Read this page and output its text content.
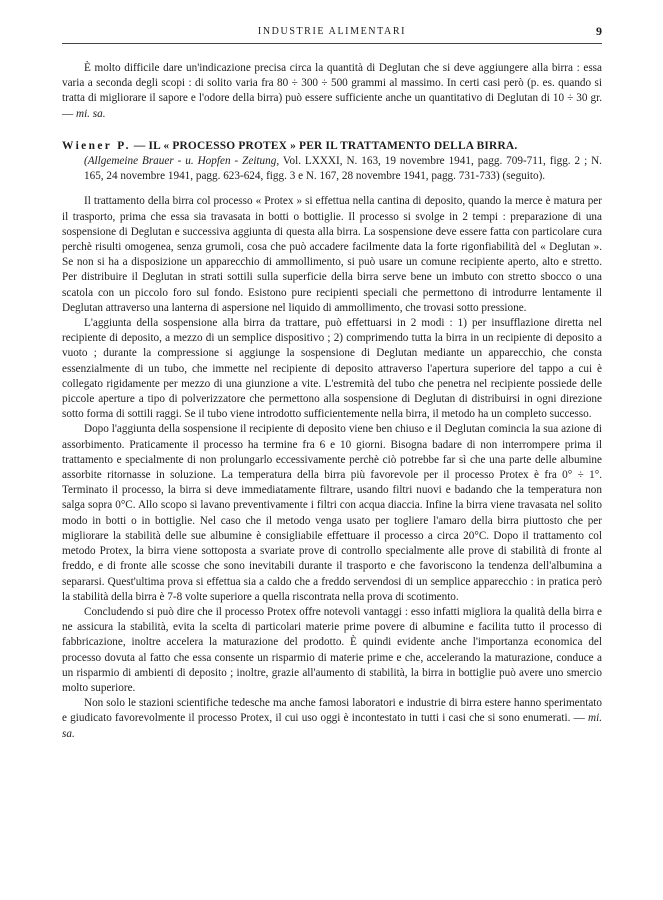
INDUSTRIE ALIMENTARI	9

È molto difficile dare un'indicazione precisa circa la quantità di Deglutan che si deve aggiungere alla birra : essa varia a seconda degli scopi : di solito varia fra 80 ÷ 300 ÷ 500 grammi al massimo. In certi casi però (p. es. quando si tratta di migliorare il sapore e l'odore della birra) può essere sufficiente anche un quantitativo di Deglutan di 10 ÷ 30 gr. — mi. sa.

Wiener P. — IL « PROCESSO PROTEX » PER IL TRATTAMENTO DELLA BIRRA.

(Allgemeine Brauer - u. Hopfen - Zeitung, Vol. LXXXI, N. 163, 19 novembre 1941, pagg. 709-711, figg. 2 ; N. 165, 24 novembre 1941, pagg. 623-624, figg. 3 e N. 167, 28 novembre 1941, pagg. 731-733) (seguito).

Il trattamento della birra col processo « Protex » si effettua nella cantina di deposito, quando la merce è matura per il trasporto, prima che essa sia travasata in botti o bottiglie. Il processo si svolge in 2 tempi : preparazione di una sospensione di Deglutan e successiva aggiunta di questa alla birra. La sospensione deve essere fatta con particolare cura perchè risulti omogenea, senza grumoli, cosa che può accadere facilmente data la forte rigonfiabilità del « Deglutan ». Se non si ha a disposizione un apparecchio di ammollimento, si può usare un comune recipiente aperto, alto e stretto. Per distribuire il Deglutan in strati sottili sulla superficie della birra serve bene un imbuto con stretto sbocco o una scatola con un piccolo foro sul fondo. Esistono pure recipienti speciali che permettono di introdurre lentamente il Deglutan attraverso una lanterna di aspersione nel liquido di ammollimento, che trovasi sotto pressione.

L'aggiunta della sospensione alla birra da trattare, può effettuarsi in 2 modi : 1) per insufflazione diretta nel recipiente di deposito, a mezzo di un semplice dispositivo ; 2) comprimendo tutta la birra in un recipiente di deposito a vuoto ; durante la compressione si aggiunge la sospensione di Deglutan mediante un apparecchio, che consta essenzialmente di un tubo, che immette nel recipiente di deposito attraverso l'apertura superiore del tappo a cui è collegato rigidamente per mezzo di una giunzione a vite. L'estremità del tubo che penetra nel recipiente possiede delle piccole aperture a tipo di polverizzatore che permettono alla sospensione di Deglutan di distribuirsi in ogni direzione sotto forma di sottili raggi. Se il tubo viene introdotto sufficientemente nella birra, il metodo ha un completo successo.

Dopo l'aggiunta della sospensione il recipiente di deposito viene ben chiuso e il Deglutan comincia la sua azione di assorbimento. Praticamente il processo ha termine fra 6 e 10 giorni. Bisogna badare di non interrompere prima il trattamento e specialmente di non prolungarlo eccessivamente perchè ciò potrebbe far sì che una parte delle albumine assorbite ritornasse in soluzione. La temperatura della birra più favorevole per il processo Protex è fra 0° ÷ 1°. Terminato il processo, la birra si deve immediatamente filtrare, usando filtri nuovi e badando che la temperatura non salga sopra 0°C. Allo scopo si lavano preventivamente i filtri con acqua diaccia. Infine la birra viene travasata nel solito modo in botti o in bottiglie. Nel caso che il metodo venga usato per togliere l'amaro della birra piuttosto che per migliorare la stabilità delle sue albumine è consigliabile effettuare il processo a circa 20°C. Dopo il trattamento col metodo Protex, la birra viene sottoposta a svariate prove di controllo specialmente alle prove di stabilità di fronte al freddo, e di fronte alle scosse che sono inevitabili durante il trasporto e che favoriscono la tendenza dell'albumina a separarsi. Quest'ultima prova si effettua sia a caldo che a freddo servendosi di un semplice apparecchio : in pratica però la stabilità della birra è 7-8 volte superiore a quella riscontrata nella prova di scotimento.

Concludendo si può dire che il processo Protex offre notevoli vantaggi : esso infatti migliora la qualità della birra e ne assicura la stabilità, evita la scelta di particolari materie prime povere di albumine e facilita tutto il processo di fabbricazione, inoltre accelera la maturazione del prodotto. È quindi evidente anche l'importanza economica del processo dovuta al fatto che essa consente un risparmio di materie prime e che, accelerando la maturazione, conduce a un risparmio di ambienti di deposito ; inoltre, grazie all'aumento di stabilità, la birra in bottiglie può avere uno smercio molto superiore.

Non solo le stazioni scientifiche tedesche ma anche famosi laboratori e industrie di birra estere hanno sperimentato e giudicato favorevolmente il processo Protex, il cui uso oggi è incontestato in tutti i casi che si sono enumerati. — mi. sa.
